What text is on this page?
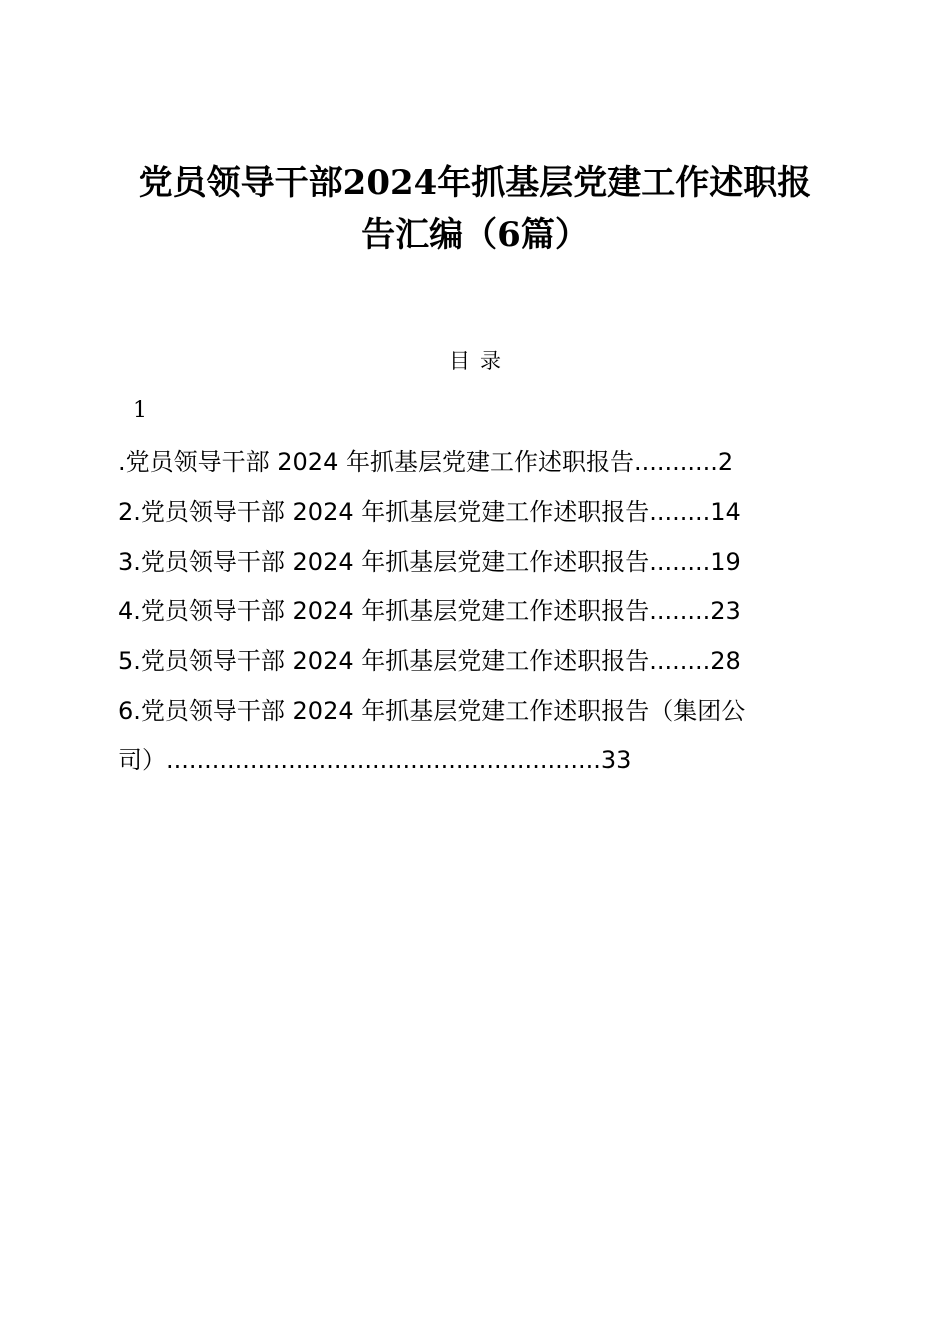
党员领导干部2024年抓基层党建工作述职报
告汇编（6篇）
目录
1
.党员领导干部 2024 年抓基层党建工作述职报告...........2
2.党员领导干部 2024 年抓基层党建工作述职报告........14
3.党员领导干部 2024 年抓基层党建工作述职报告........19
4.党员领导干部 2024 年抓基层党建工作述职报告........23
5.党员领导干部 2024 年抓基层党建工作述职报告........28
6.党员领导干部 2024 年抓基层党建工作述职报告（集团公
司）.........................................................33
